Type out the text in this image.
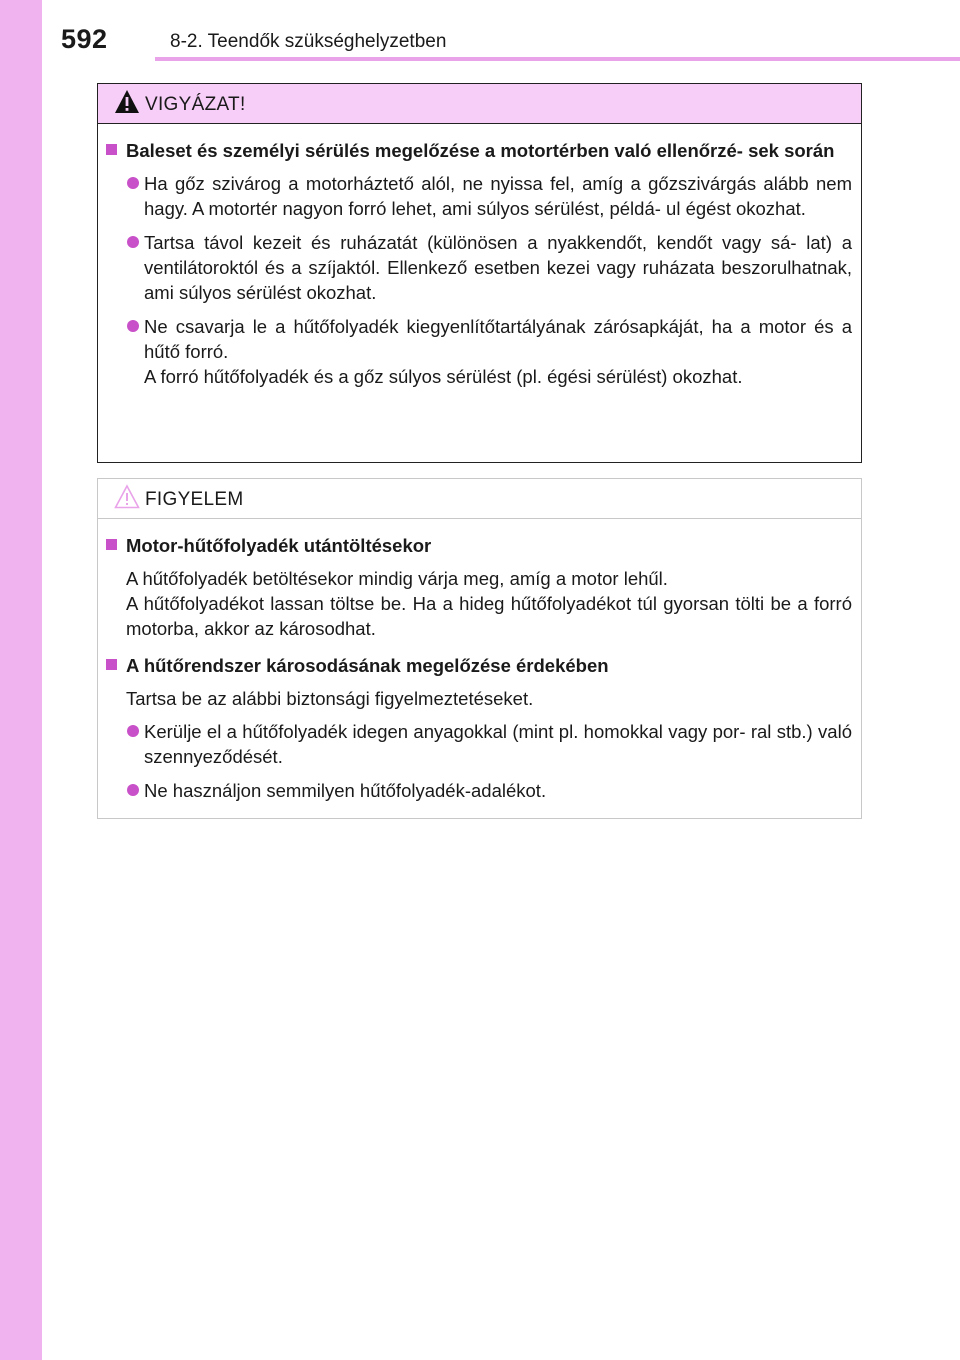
592	8-2. Teendők szükséghelyzetben
VIGYÁZAT!
Baleset és személyi sérülés megelőzése a motortérben való ellenőrzé- sek során
Ha gőz szivárog a motorháztető alól, ne nyissa fel, amíg a gőzszivárgás alább nem hagy. A motortér nagyon forró lehet, ami súlyos sérülést, példá- ul égést okozhat.
Tartsa távol kezeit és ruházatát (különösen a nyakkendőt, kendőt vagy sá- lat) a ventilátoroktól és a szíjaktól. Ellenkező esetben kezei vagy ruházata beszorulhatnak, ami súlyos sérülést okozhat.
Ne csavarja le a hűtőfolyadék kiegyenlítőtartályának zárósapkáját, ha a motor és a hűtő forró.
A forró hűtőfolyadék és a gőz súlyos sérülést (pl. égési sérülést) okozhat.
FIGYELEM
Motor-hűtőfolyadék utántöltésekor
A hűtőfolyadék betöltésekor mindig várja meg, amíg a motor lehűl.
A hűtőfolyadékot lassan töltse be. Ha a hideg hűtőfolyadékot túl gyorsan tölti be a forró motorba, akkor az károsodhat.
A hűtőrendszer károsodásának megelőzése érdekében
Tartsa be az alábbi biztonsági figyelmeztetéseket.
Kerülje el a hűtőfolyadék idegen anyagokkal (mint pl. homokkal vagy por- ral stb.) való szennyeződését.
Ne használjon semmilyen hűtőfolyadék-adalékot.
